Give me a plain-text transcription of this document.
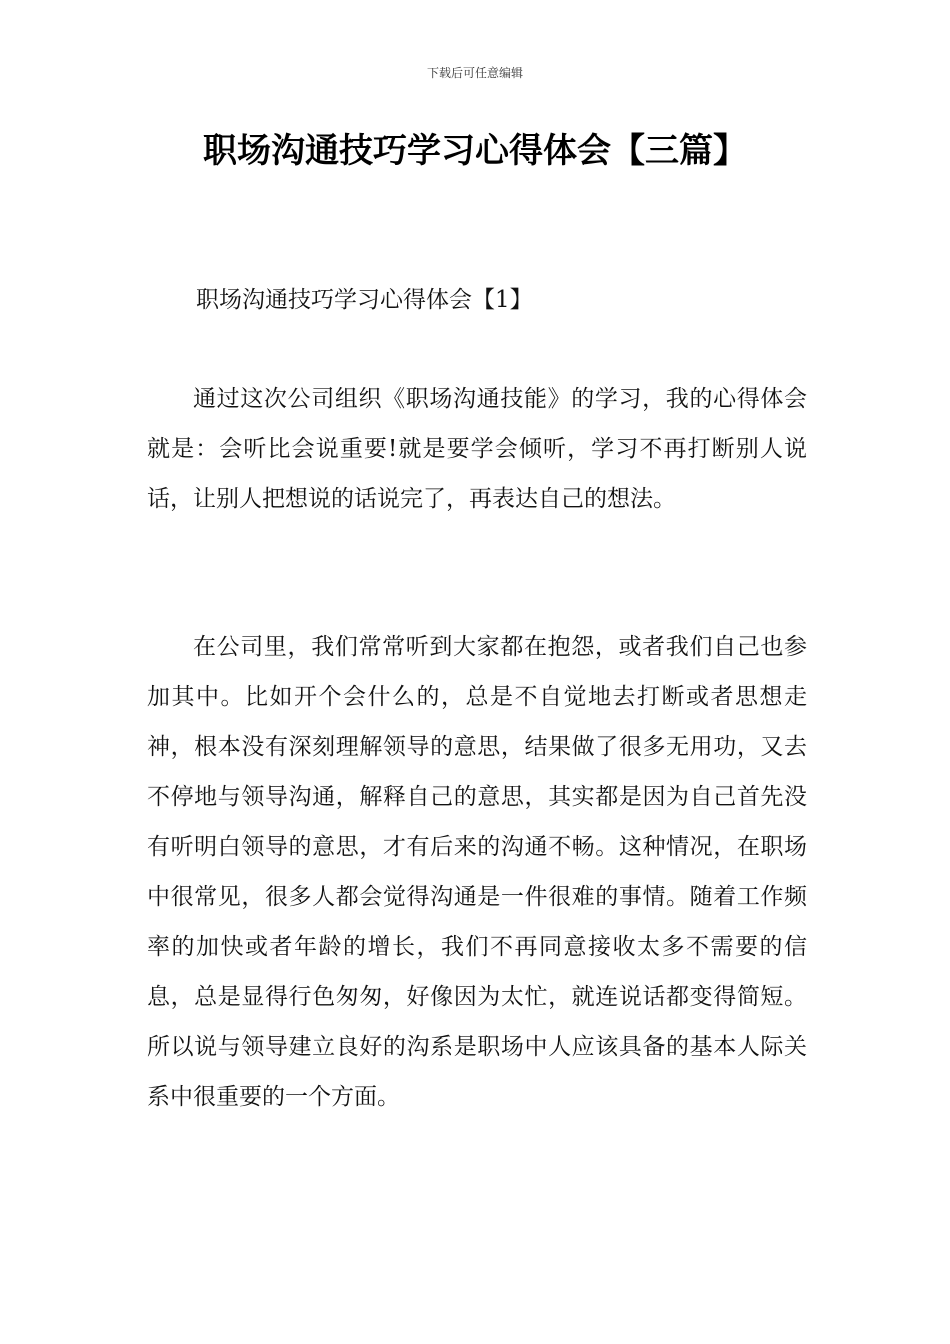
下载后可任意编辑
职场沟通技巧学习心得体会【三篇】

职场沟通技巧学习心得体会【1】

通过这次公司组织《职场沟通技能》的学习，我的心得体会就是：会听比会说重要!就是要学会倾听，学习不再打断别人说话，让别人把想说的话说完了，再表达自己的想法。

在公司里，我们常常听到大家都在抱怨，或者我们自己也参加其中。比如开个会什么的，总是不自觉地去打断或者思想走神，根本没有深刻理解领导的意思，结果做了很多无用功，又去不停地与领导沟通，解释自己的意思，其实都是因为自己首先没有听明白领导的意思，才有后来的沟通不畅。这种情况，在职场中很常见，很多人都会觉得沟通是一件很难的事情。随着工作频率的加快或者年龄的增长，我们不再同意接收太多不需要的信息，总是显得行色匆匆，好像因为太忙，就连说话都变得简短。所以说与领导建立良好的沟系是职场中人应该具备的基本人际关系中很重要的一个方面。
